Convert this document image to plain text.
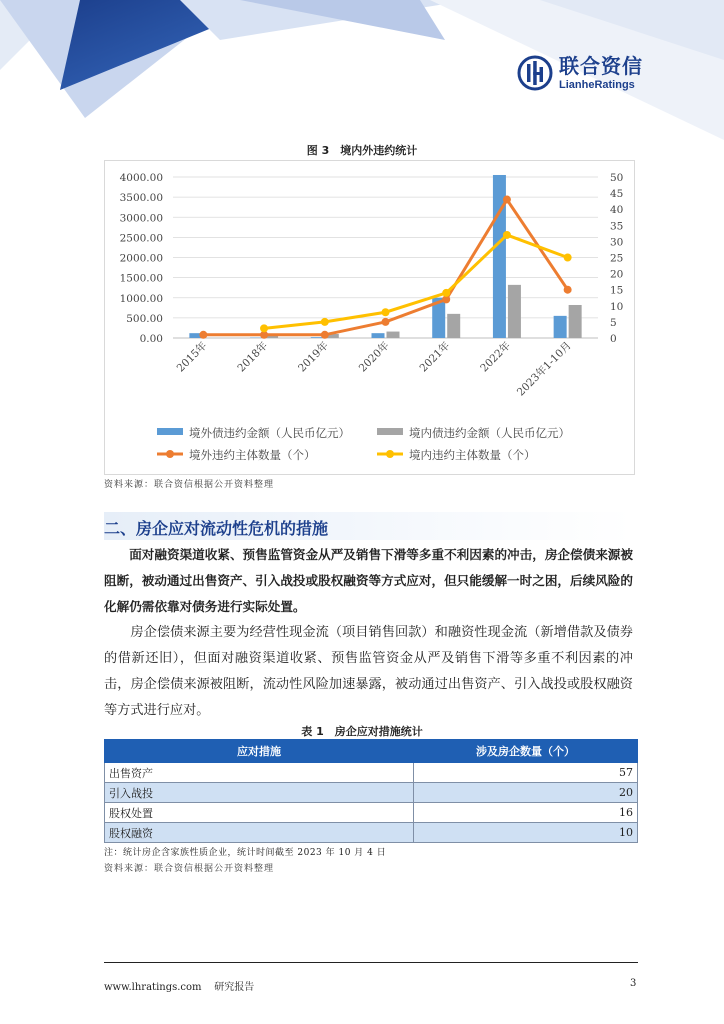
联合资信
LianheRatings
图 3　境内外违约统计
0.00
500.00
1000.00
1500.00
2000.00
2500.00
3000.00
3500.00
4000.00
0
5
10
15
20
25
30
35
40
45
50
2015年 2018年 2019年 2020年 2021年 2022年 2023年1-10月
境外债违约金额（人民币亿元）	境内债违约金额（人民币亿元）
境外违约主体数量（个）	境内违约主体数量（个）
资料来源：联合资信根据公开资料整理
二、房企应对流动性危机的措施

面对融资渠道收紧、预售监管资金从严及销售下滑等多重不利因素的冲击，房企偿债来源被阻断，被动通过出售资产、引入战投或股权融资等方式应对，但只能缓解一时之困，后续风险的化解仍需依靠对债务进行实际处置。

房企偿债来源主要为经营性现金流（项目销售回款）和融资性现金流（新增借款及债券的借新还旧），但面对融资渠道收紧、预售监管资金从严及销售下滑等多重不利因素的冲击，房企偿债来源被阻断，流动性风险加速暴露，被动通过出售资产、引入战投或股权融资等方式进行应对。

表 1　房企应对措施统计
应对措施	涉及房企数量（个）
出售资产	57
引入战投	20
股权处置	16
股权融资	10
注：统计房企含家族性质企业，统计时间截至 2023 年 10 月 4 日
资料来源：联合资信根据公开资料整理
www.lhratings.com 研究报告	3
